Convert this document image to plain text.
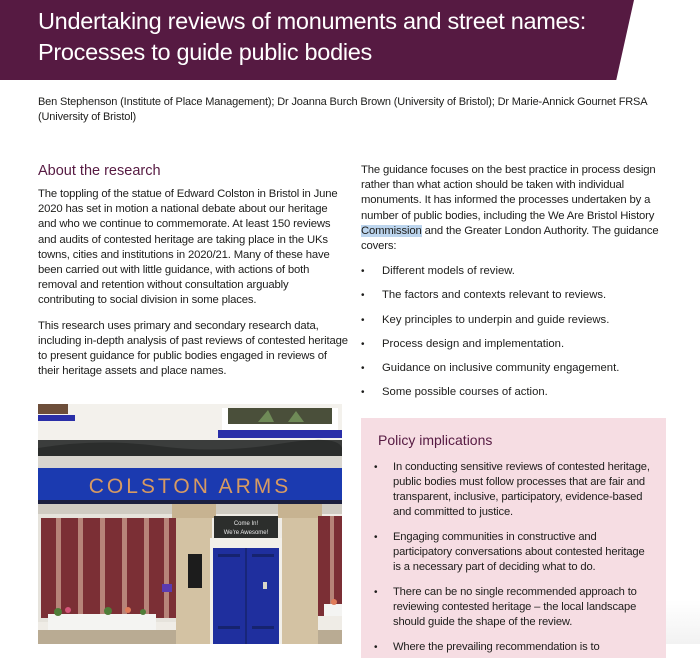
Undertaking reviews of monuments and street names: Processes to guide public bodies
Ben Stephenson (Institute of Place Management); Dr Joanna Burch Brown (University of Bristol); Dr Marie-Annick Gournet FRSA (University of Bristol)
About the research

The toppling of the statue of Edward Colston in Bristol in June 2020 has set in motion a national debate about our heritage and who we continue to commemorate. At least 150 reviews and audits of contested heritage are taking place in the UKs towns, cities and institutions in 2020/21. Many of these have been carried out with little guidance, with actions of both removal and retention without consultation arguably contributing to social division in some places.

This research uses primary and secondary research data, including in-depth analysis of past reviews of contested heritage to present guidance for public bodies engaged in reviews of their heritage assets and place names.

The guidance focuses on the best practice in process design rather than what action should be taken with individual monuments. It has informed the processes undertaken by a number of public bodies, including the We Are Bristol History Commission and the Greater London Authority. The guidance covers:

• Different models of review.
• The factors and contexts relevant to reviews.
• Key principles to underpin and guide reviews.
• Process design and implementation.
• Guidance on inclusive community engagement.
• Some possible courses of action.
COLSTON ARMS
Come In!
We're Awesome!
Policy implications
• In conducting sensitive reviews of contested heritage, public bodies must follow processes that are fair and transparent, inclusive, participatory, evidence-based and committed to justice.
• Engaging communities in constructive and participatory conversations about contested heritage is a necessary part of deciding what to do.
• There can be no single recommended approach to reviewing contested heritage – the local landscape should guide the shape of the review.
• Where the prevailing recommendation is to
